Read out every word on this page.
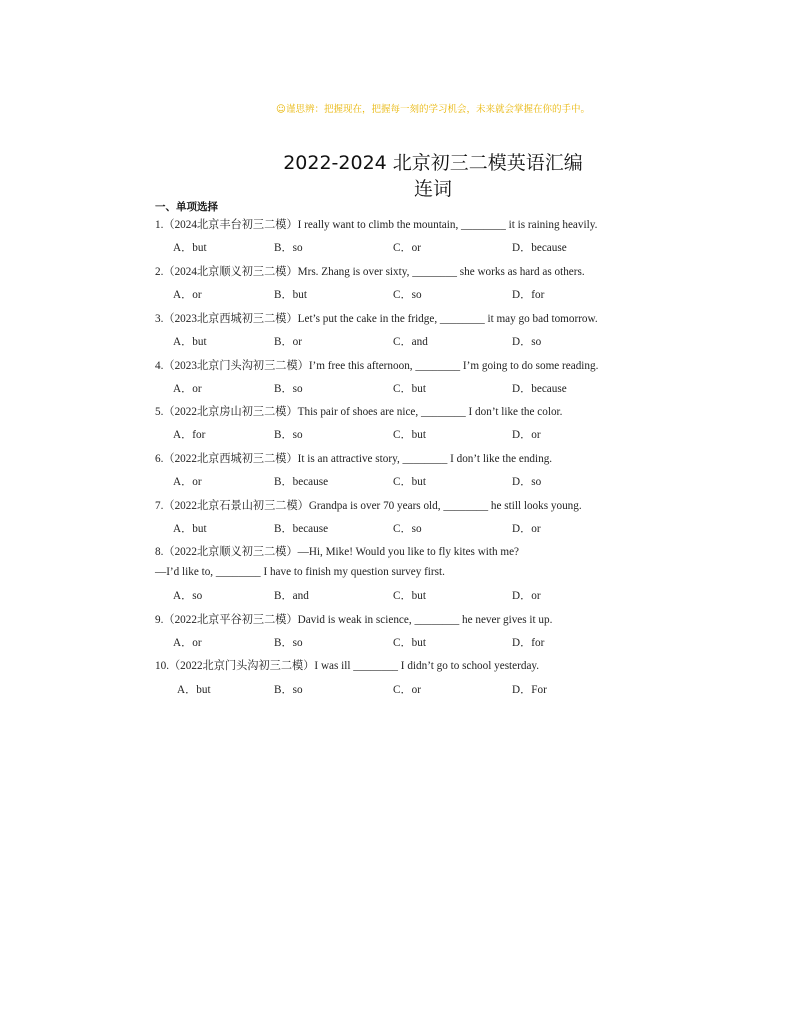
☺谨思辨：把握现在，把握每一刻的学习机会，未来就会掌握在你的手中。
2022-2024 北京初三二模英语汇编
连词
一、单项选择
1.（2024北京丰台初三二模）I really want to climb the mountain, ________ it is raining heavily.
A．but	B．so	C．or	D．because
2.（2024北京顺义初三二模）Mrs. Zhang is over sixty, ________ she works as hard as others.
A．or	B．but	C．so	D．for
3.（2023北京西城初三二模）Let’s put the cake in the fridge, ________ it may go bad tomorrow.
A．but	B．or	C．and	D．so
4.（2023北京门头沟初三二模）I’m free this afternoon, ________ I’m going to do some reading.
A．or	B．so	C．but	D．because
5.（2022北京房山初三二模）This pair of shoes are nice, ________ I don’t like the color.
A．for	B．so	C．but	D．or
6.（2022北京西城初三二模）It is an attractive story, ________ I don’t like the ending.
A．or	B．because	C．but	D．so
7.（2022北京石景山初三二模）Grandpa is over 70 years old, ________ he still looks young.
A．but	B．because	C．so	D．or
8.（2022北京顺义初三二模）—Hi, Mike! Would you like to fly kites with me?
—I’d like to, ________ I have to finish my question survey first.
A．so	B．and	C．but	D．or
9.（2022北京平谷初三二模）David is weak in science, ________ he never gives it up.
A．or	B．so	C．but	D．for
10.（2022北京门头沟初三二模）I was ill ________ I didn’t go to school yesterday.
A．but	B．so	C．or	D．For
